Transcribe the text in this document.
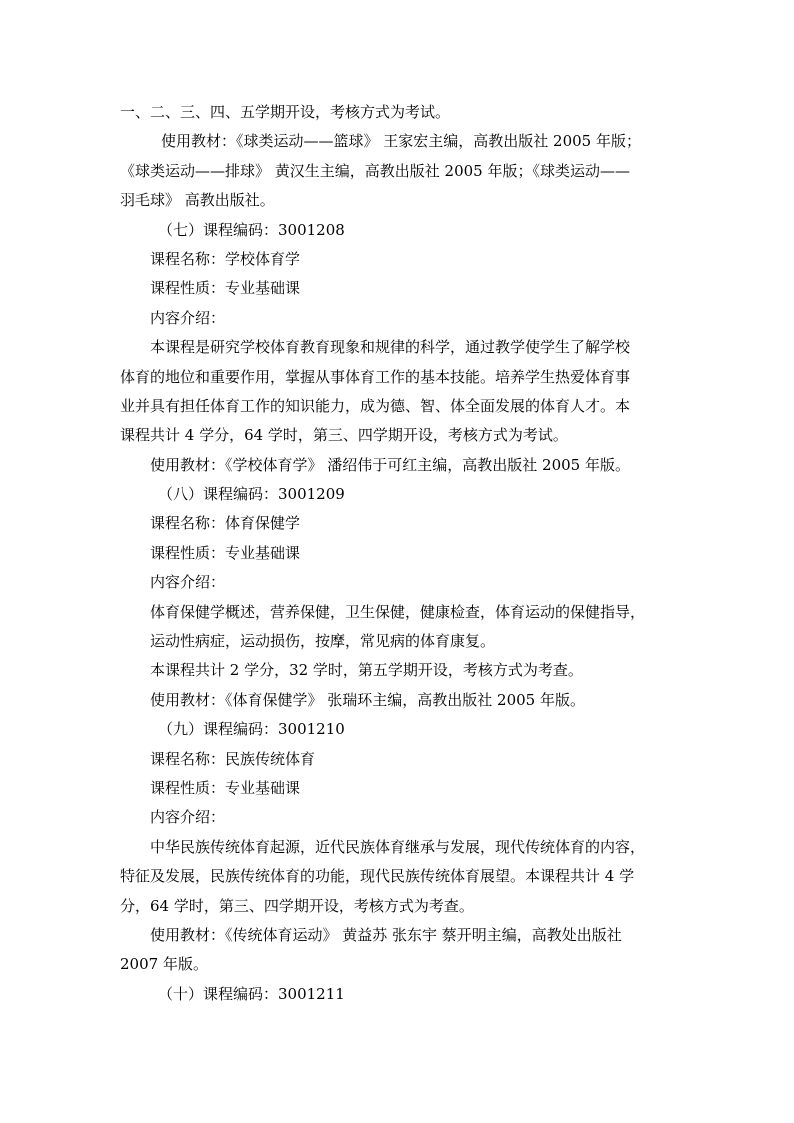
一、二、三、四、五学期开设，考核方式为考试。
使用教材：《球类运动——篮球》 王家宏主编，高教出版社 2005 年版；
《球类运动——排球》 黄汉生主编，高教出版社 2005 年版；《球类运动——
羽毛球》 高教出版社。
（七）课程编码：3001208
课程名称：学校体育学
课程性质：专业基础课
内容介绍：
本课程是研究学校体育教育现象和规律的科学，通过教学使学生了解学校
体育的地位和重要作用，掌握从事体育工作的基本技能。培养学生热爱体育事
业并具有担任体育工作的知识能力，成为德、智、体全面发展的体育人才。本
课程共计 4 学分，64 学时，第三、四学期开设，考核方式为考试。
使用教材：《学校体育学》 潘绍伟于可红主编，高教出版社 2005 年版。
（八）课程编码：3001209
课程名称：体育保健学
课程性质：专业基础课
内容介绍：
体育保健学概述，营养保健，卫生保健，健康检查，体育运动的保健指导，
运动性病症，运动损伤，按摩，常见病的体育康复。
本课程共计 2 学分，32 学时，第五学期开设，考核方式为考查。
使用教材：《体育保健学》 张瑞环主编，高教出版社 2005 年版。
（九）课程编码：3001210
课程名称：民族传统体育
课程性质：专业基础课
内容介绍：
中华民族传统体育起源，近代民族体育继承与发展，现代传统体育的内容，
特征及发展，民族传统体育的功能，现代民族传统体育展望。本课程共计 4 学
分，64 学时，第三、四学期开设，考核方式为考查。
使用教材：《传统体育运动》 黄益苏 张东宇 蔡开明主编，高教处出版社
2007 年版。
（十）课程编码：3001211
